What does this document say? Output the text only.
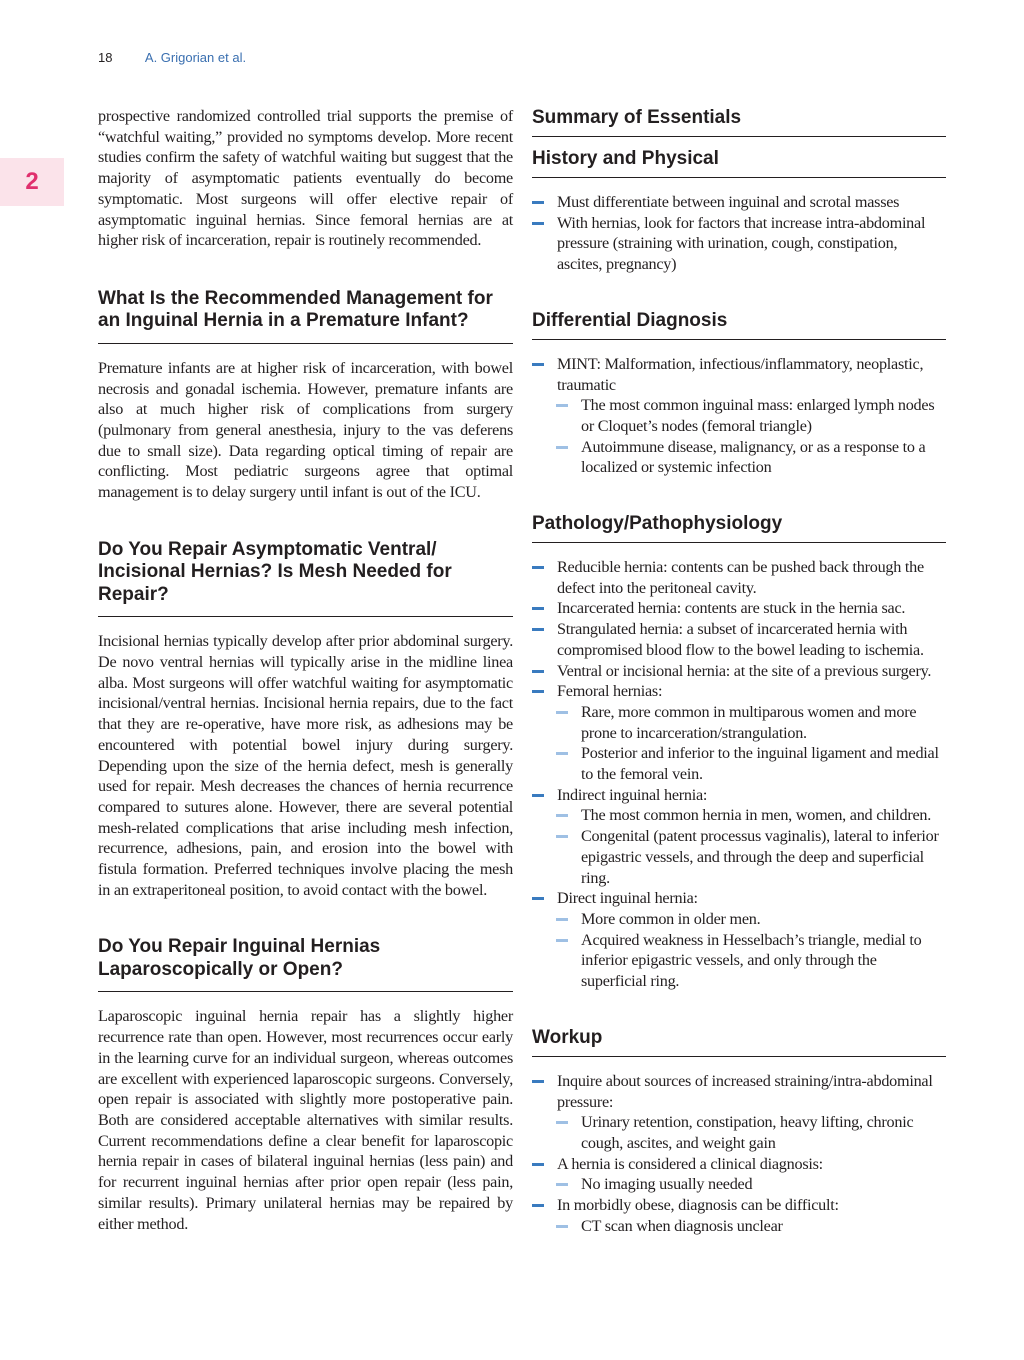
18 A. Grigorian et al.
2

prospective randomized controlled trial supports the premise of “watchful waiting,” provided no symptoms develop. More recent studies confirm the safety of watchful waiting but suggest that the majority of asymptomatic patients eventually do become symptomatic. Most surgeons will offer elective repair of asymptomatic inguinal hernias. Since femoral hernias are at higher risk of incarceration, repair is routinely recommended.

What Is the Recommended Management for an Inguinal Hernia in a Premature Infant?

Premature infants are at higher risk of incarceration, with bowel necrosis and gonadal ischemia. However, premature infants are also at much higher risk of complications from surgery (pulmonary from general anesthesia, injury to the vas deferens due to small size). Data regarding optical timing of repair are conflicting. Most pediatric surgeons agree that optimal management is to delay surgery until infant is out of the ICU.

Do You Repair Asymptomatic Ventral/ Incisional Hernias? Is Mesh Needed for Repair?

Incisional hernias typically develop after prior abdominal surgery. De novo ventral hernias will typically arise in the midline linea alba. Most surgeons will offer watchful waiting for asymptomatic incisional/ventral hernias. Incisional hernia repairs, due to the fact that they are re-operative, have more risk, as adhesions may be encountered with potential bowel injury during surgery. Depending upon the size of the hernia defect, mesh is generally used for repair. Mesh decreases the chances of hernia recurrence compared to sutures alone. However, there are several potential mesh-related complications that arise including mesh infection, recurrence, adhesions, pain, and erosion into the bowel with fistula formation. Preferred techniques involve placing the mesh in an extraperitoneal position, to avoid contact with the bowel.

Do You Repair Inguinal Hernias Laparoscopically or Open?

Laparoscopic inguinal hernia repair has a slightly higher recurrence rate than open. However, most recurrences occur early in the learning curve for an individual surgeon, whereas outcomes are excellent with experienced laparoscopic surgeons. Conversely, open repair is associated with slightly more postoperative pain. Both are considered acceptable alternatives with similar results. Current recommendations define a clear benefit for laparoscopic hernia repair in cases of bilateral inguinal hernias (less pain) and for recurrent inguinal hernias after prior open repair (less pain, similar results). Primary unilateral hernias may be repaired by either method.

Summary of Essentials
History and Physical
Must differentiate between inguinal and scrotal masses
With hernias, look for factors that increase intra-abdominal pressure (straining with urination, cough, constipation, ascites, pregnancy)
Differential Diagnosis
MINT: Malformation, infectious/inflammatory, neoplastic, traumatic
The most common inguinal mass: enlarged lymph nodes or Cloquet’s nodes (femoral triangle)
Autoimmune disease, malignancy, or as a response to a localized or systemic infection
Pathology/Pathophysiology
Reducible hernia: contents can be pushed back through the defect into the peritoneal cavity.
Incarcerated hernia: contents are stuck in the hernia sac.
Strangulated hernia: a subset of incarcerated hernia with compromised blood flow to the bowel leading to ischemia.
Ventral or incisional hernia: at the site of a previous surgery.
Femoral hernias:
Rare, more common in multiparous women and more prone to incarceration/strangulation.
Posterior and inferior to the inguinal ligament and medial to the femoral vein.
Indirect inguinal hernia:
The most common hernia in men, women, and children.
Congenital (patent processus vaginalis), lateral to inferior epigastric vessels, and through the deep and superficial ring.
Direct inguinal hernia:
More common in older men.
Acquired weakness in Hesselbach’s triangle, medial to inferior epigastric vessels, and only through the superficial ring.
Workup
Inquire about sources of increased straining/intra-abdominal pressure:
Urinary retention, constipation, heavy lifting, chronic cough, ascites, and weight gain
A hernia is considered a clinical diagnosis:
No imaging usually needed
In morbidly obese, diagnosis can be difficult:
CT scan when diagnosis unclear
